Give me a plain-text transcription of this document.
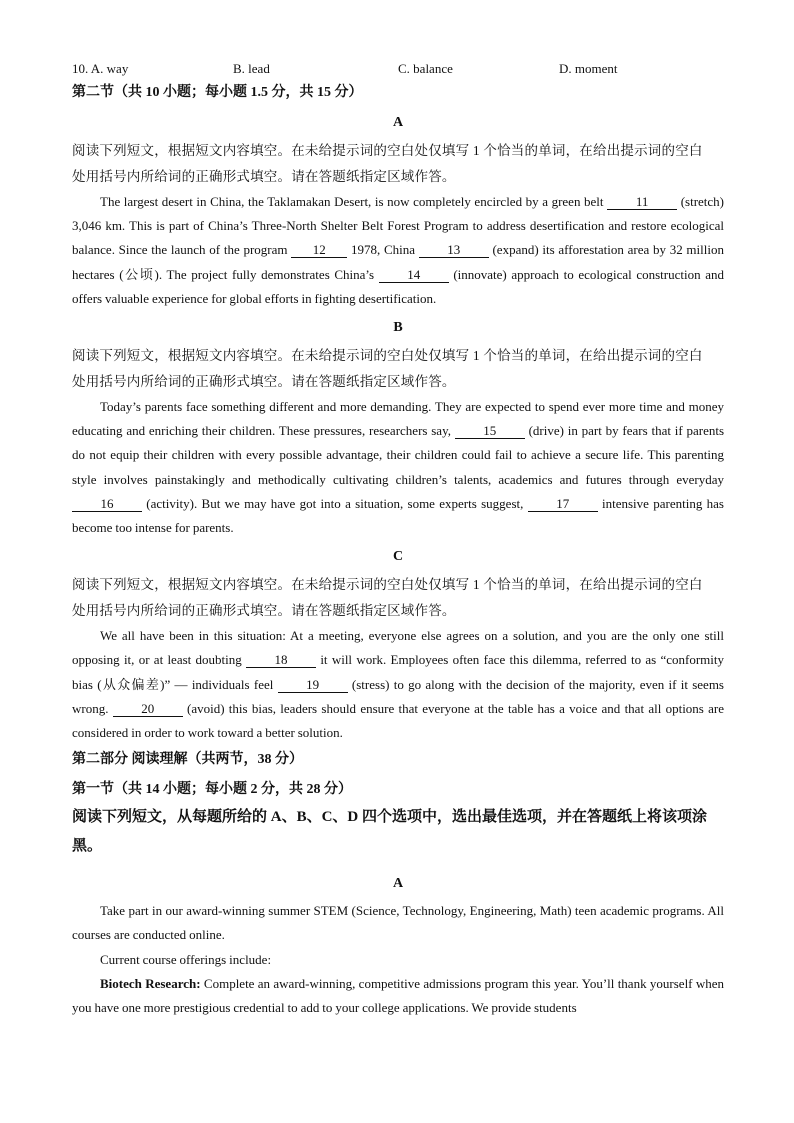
10. A. way	B. lead	C. balance	D. moment

第二节（共 10 小题；每小题 1.5 分，共 15 分）

A

阅读下列短文，根据短文内容填空。在未给提示词的空白处仅填写 1 个恰当的单词，在给出提示词的空白

处用括号内所给词的正确形式填空。请在答题纸指定区域作答。

The largest desert in China, the Taklamakan Desert, is now completely encircled by a green belt 11 (stretch) 3,046 km. This is part of China’s Three-North Shelter Belt Forest Program to address desertification and restore ecological balance. Since the launch of the program 12 1978, China 13 (expand) its afforestation area by 32 million hectares (公顷). The project fully demonstrates China’s 14 (innovate) approach to ecological construction and offers valuable experience for global efforts in fighting desertification.

B

阅读下列短文，根据短文内容填空。在未给提示词的空白处仅填写 1 个恰当的单词，在给出提示词的空白

处用括号内所给词的正确形式填空。请在答题纸指定区域作答。

Today’s parents face something different and more demanding. They are expected to spend ever more time and money educating and enriching their children. These pressures, researchers say, 15 (drive) in part by fears that if parents do not equip their children with every possible advantage, their children could fail to achieve a secure life. This parenting style involves painstakingly and methodically cultivating children’s talents, academics and futures through everyday 16 (activity). But we may have got into a situation, some experts suggest, 17 intensive parenting has become too intense for parents.

C

阅读下列短文，根据短文内容填空。在未给提示词的空白处仅填写 1 个恰当的单词，在给出提示词的空白

处用括号内所给词的正确形式填空。请在答题纸指定区域作答。

We all have been in this situation: At a meeting, everyone else agrees on a solution, and you are the only one still opposing it, or at least doubting 18 it will work. Employees often face this dilemma, referred to as “conformity bias (从众偏差)” — individuals feel 19 (stress) to go along with the decision of the majority, even if it seems wrong. 20 (avoid) this bias, leaders should ensure that everyone at the table has a voice and that all options are considered in order to work toward a better solution.

第二部分 阅读理解（共两节，38 分）

第一节（共 14 小题；每小题 2 分，共 28 分）

阅读下列短文，从每题所给的 A、B、C、D 四个选项中，选出最佳选项，并在答题纸上将该项涂黑。

A

Take part in our award-winning summer STEM (Science, Technology, Engineering, Math) teen academic programs. All courses are conducted online.

Current course offerings include:

Biotech Research: Complete an award-winning, competitive admissions program this year. You’ll thank yourself when you have one more prestigious credential to add to your college applications. We provide students
